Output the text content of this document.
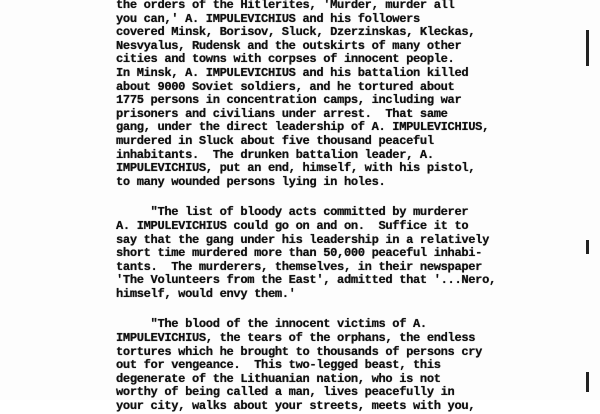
the orders of the Hitlerites, 'Murder, murder all
you can,' A. IMPULEVICHIUS and his followers
covered Minsk, Borisov, Sluck, Dzerzinskas, Kleckas,
Nesvyalus, Rudensk and the outskirts of many other
cities and towns with corpses of innocent people.
In Minsk, A. IMPULEVICHIUS and his battalion killed
about 9000 Soviet soldiers, and he tortured about
1775 persons in concentration camps, including war
prisoners and civilians under arrest.  That same
gang, under the direct leadership of A. IMPULEVICHIUS,
murdered in Sluck about five thousand peaceful
inhabitants.  The drunken battalion leader, A.
IMPULEVICHIUS, put an end, himself, with his pistol,
to many wounded persons lying in holes.
"The list of bloody acts committed by murderer
A. IMPULEVICHIUS could go on and on.  Suffice it to
say that the gang under his leadership in a relatively
short time murdered more than 50,000 peaceful inhabi-
tants.  The murderers, themselves, in their newspaper
'The Volunteers from the East', admitted that '...Nero,
himself, would envy them.'
"The blood of the innocent victims of A.
IMPULEVICHIUS, the tears of the orphans, the endless
tortures which he brought to thousands of persons cry
out for vengeance.  This two-legged beast, this
degenerate of the Lithuanian nation, who is not
worthy of being called a man, lives peacefully in
your city, walks about your streets, meets with you,
